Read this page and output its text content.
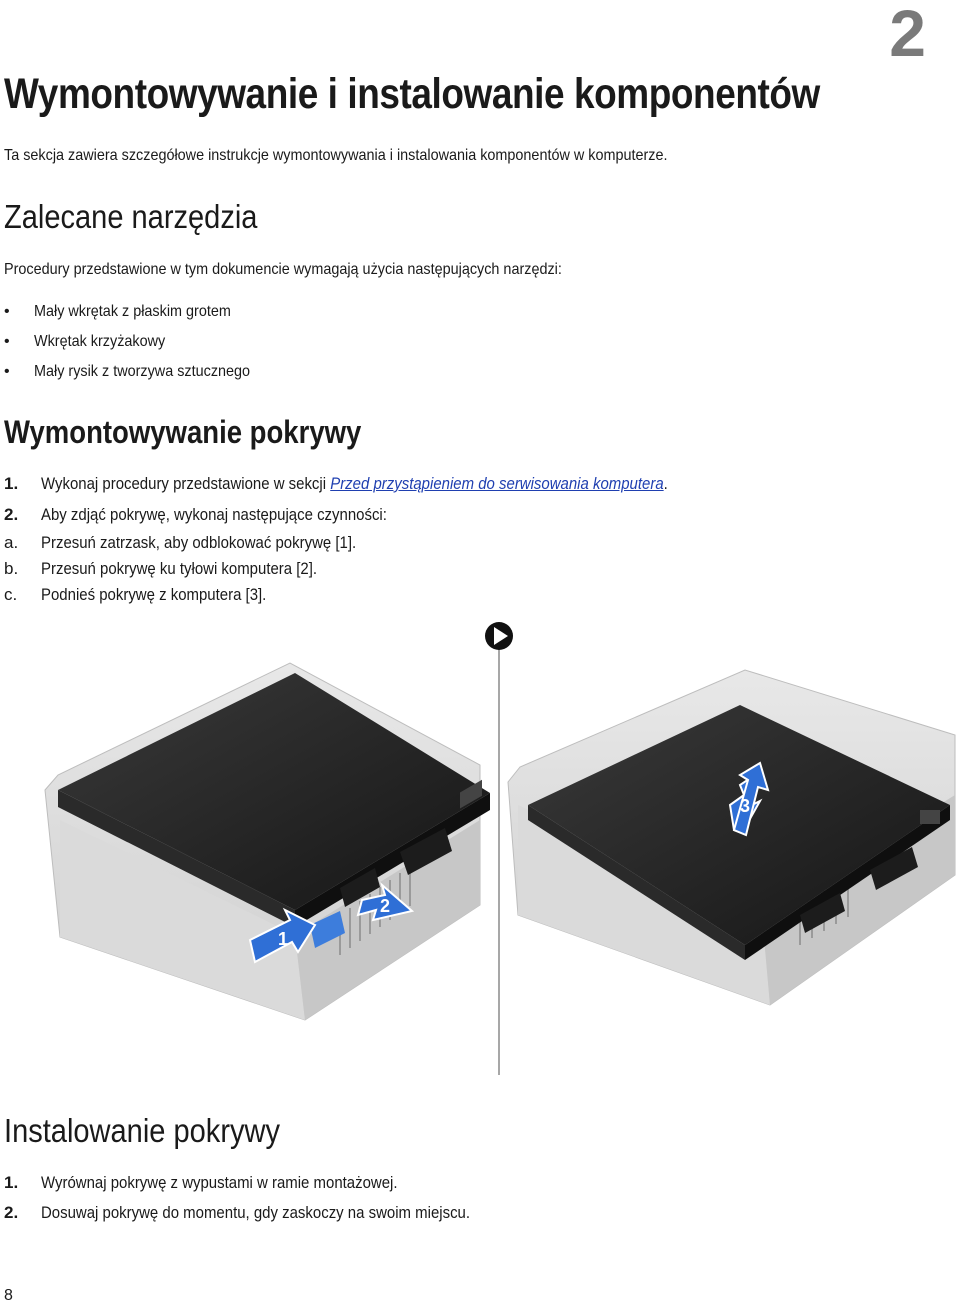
2
Wymontowywanie i instalowanie komponentów

Ta sekcja zawiera szczegółowe instrukcje wymontowywania i instalowania komponentów w komputerze.

Zalecane narzędzia

Procedury przedstawione w tym dokumencie wymagają użycia następujących narzędzi:

• Mały wkrętak z płaskim grotem
• Wkrętak krzyżakowy
• Mały rysik z tworzywa sztucznego
Wymontowywanie pokrywy
1. Wykonaj procedury przedstawione w sekcji Przed przystąpieniem do serwisowania komputera.
2. Aby zdjąć pokrywę, wykonaj następujące czynności:
a. Przesuń zatrzask, aby odblokować pokrywę [1].
b. Przesuń pokrywę ku tyłowi komputera [2].
c. Podnieś pokrywę z komputera [3].
1
2
3
Instalowanie pokrywy
1. Wyrównaj pokrywę z wypustami w ramie montażowej.
2. Dosuwaj pokrywę do momentu, gdy zaskoczy na swoim miejscu.
8
